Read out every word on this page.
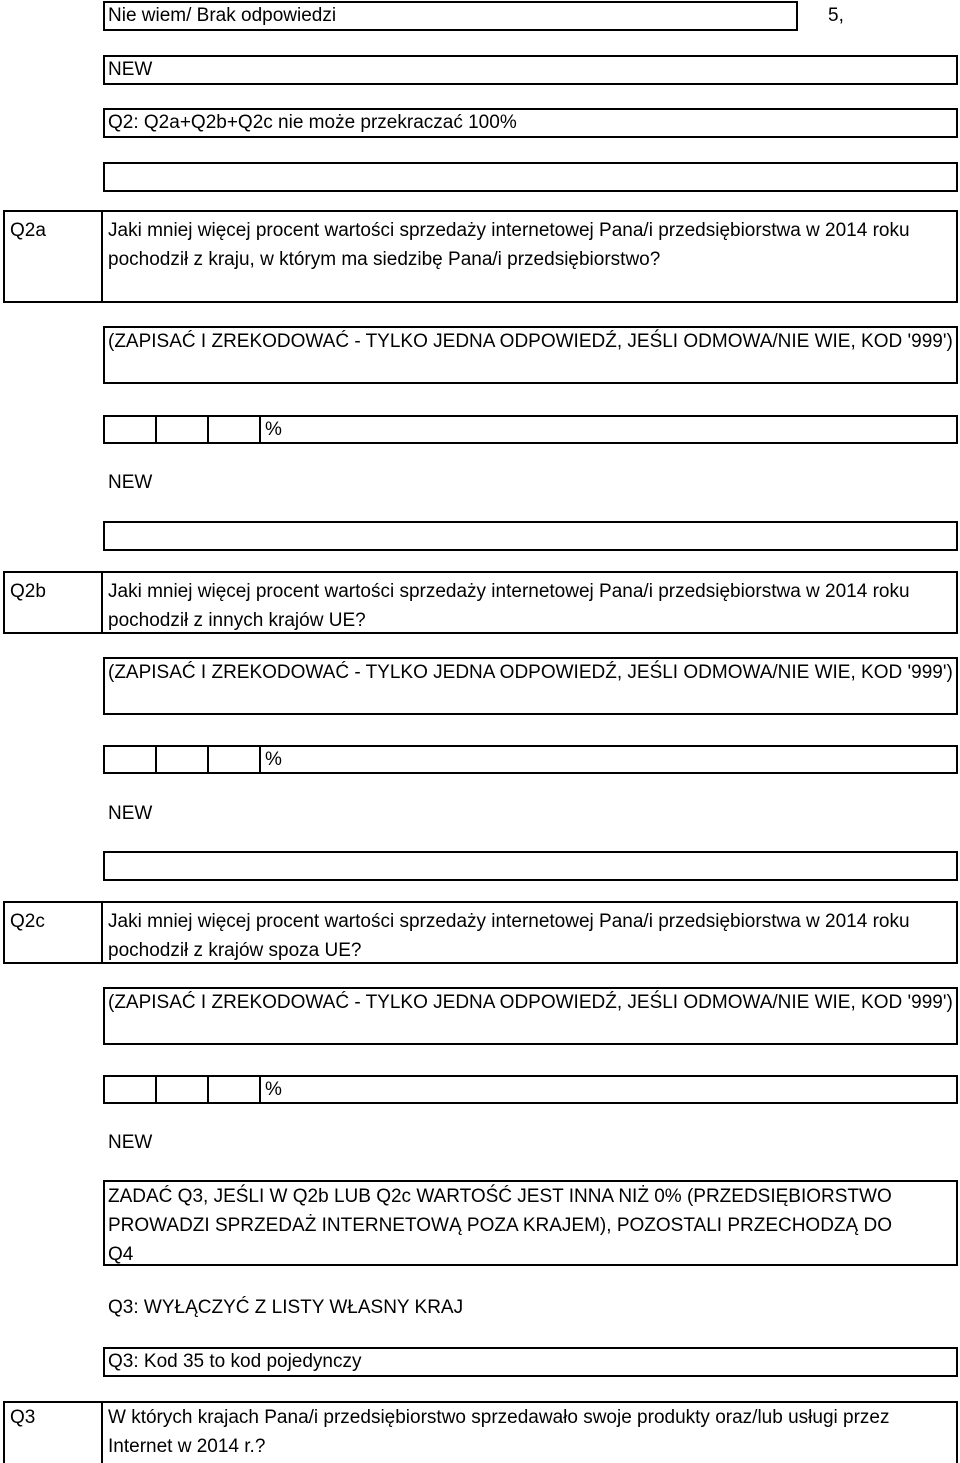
Nie wiem/ Brak odpowiedzi	5,
NEW
Q2: Q2a+Q2b+Q2c nie może przekraczać 100%
Q2a	Jaki mniej więcej procent wartości sprzedaży internetowej Pana/i przedsiębiorstwa w 2014 roku pochodził z kraju, w którym ma siedzibę Pana/i przedsiębiorstwo?
(ZAPISAĆ I ZREKODOWAĆ - TYLKO JEDNA ODPOWIEDŹ, JEŚLI ODMOWA/NIE WIE, KOD '999')
%
NEW
Q2b	Jaki mniej więcej procent wartości sprzedaży internetowej Pana/i przedsiębiorstwa w 2014 roku pochodził z innych krajów UE?
(ZAPISAĆ I ZREKODOWAĆ - TYLKO JEDNA ODPOWIEDŹ, JEŚLI ODMOWA/NIE WIE, KOD '999')
%
NEW
Q2c	Jaki mniej więcej procent wartości sprzedaży internetowej Pana/i przedsiębiorstwa w 2014 roku pochodził z krajów spoza UE?
(ZAPISAĆ I ZREKODOWAĆ - TYLKO JEDNA ODPOWIEDŹ, JEŚLI ODMOWA/NIE WIE, KOD '999')
%
NEW
ZADAĆ Q3, JEŚLI W Q2b LUB Q2c WARTOŚĆ JEST INNA NIŻ 0% (PRZEDSIĘBIORSTWO PROWADZI SPRZEDAŻ INTERNETOWĄ POZA KRAJEM), POZOSTALI PRZECHODZĄ DO Q4
Q3: WYŁĄCZYĆ Z LISTY WŁASNY KRAJ
Q3: Kod 35 to kod pojedynczy
Q3	W których krajach Pana/i przedsiębiorstwo sprzedawało swoje produkty oraz/lub usługi przez Internet w 2014 r.?
